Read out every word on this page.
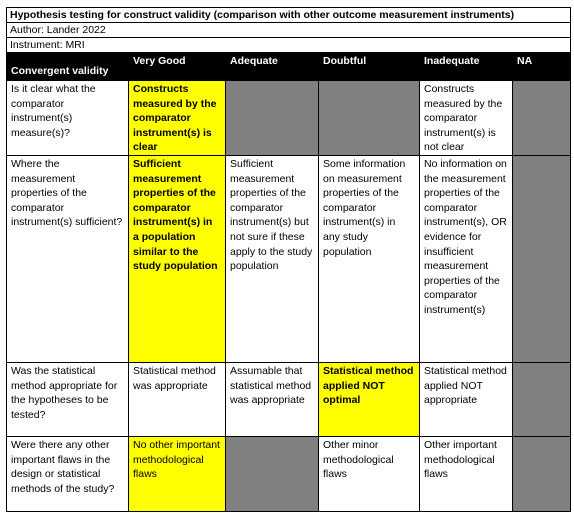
Hypothesis testing for construct validity (comparison with other outcome measurement instruments)					
Author: Lander 2022					
Instrument: MRI					
Convergent validity	Very Good	Adequate	Doubtful	Inadequate	NA
Is it clear what the comparator instrument(s) measure(s)?	Constructs measured by the comparator instrument(s) is clear			Constructs measured by the comparator instrument(s) is not clear	
Where the measurement properties of the comparator instrument(s) sufficient?	Sufficient measurement properties of the comparator instrument(s) in a population similar to the study population	Sufficient measurement properties of the comparator instrument(s) but not sure if these apply to the study population	Some information on measurement properties of the comparator instrument(s) in any study population	No information on the measurement properties of the comparator instrument(s), OR evidence for insufficient measurement properties of the comparator instrument(s)	
Was the statistical method appropriate for the hypotheses to be tested?	Statistical method was appropriate	Assumable that statistical method was appropriate	Statistical method applied NOT optimal	Statistical method applied NOT appropriate	
Were there any other important flaws in the design or statistical methods of the study?	No other important methodological flaws		Other minor methodological flaws	Other important methodological flaws	
